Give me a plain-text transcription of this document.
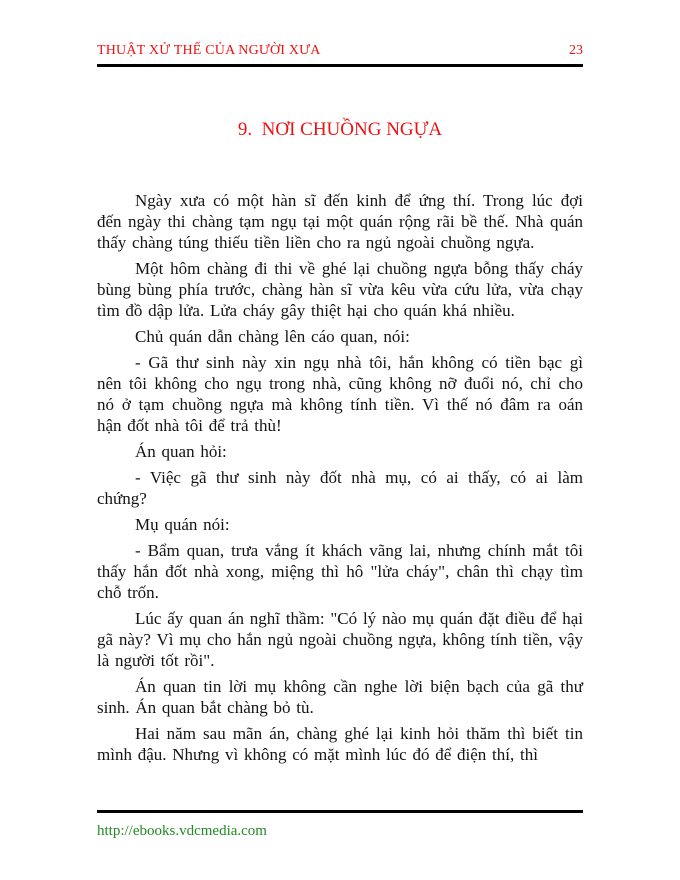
THUẬT XỬ THẾ CỦA NGƯỜI XƯA	23
9.  NƠI CHUỒNG NGỰA

Ngày xưa có một hàn sĩ đến kinh để ứng thí. Trong lúc đợi đến ngày thi chàng tạm ngụ tại một quán rộng rãi bề thế. Nhà quán thấy chàng túng thiếu tiền liền cho ra ngủ ngoài chuồng ngựa.

Một hôm chàng đi thi về ghé lại chuồng ngựa bỗng thấy cháy bùng bùng phía trước, chàng hàn sĩ vừa kêu vừa cứu lửa, vừa chạy tìm đồ dập lửa. Lửa cháy gây thiệt hại cho quán khá nhiều.

Chủ quán dẫn chàng lên cáo quan, nói:

- Gã thư sinh này xin ngụ nhà tôi, hắn không có tiền bạc gì nên tôi không cho ngụ trong nhà, cũng không nỡ đuổi nó, chỉ cho nó ở tạm chuồng ngựa mà không tính tiền. Vì thế nó đâm ra oán hận đốt nhà tôi để trả thù!

Án quan hỏi:

- Việc gã thư sinh này đốt nhà mụ, có ai thấy, có ai làm chứng?

Mụ quán nói:

- Bẩm quan, trưa vắng ít khách vãng lai, nhưng chính mắt tôi thấy hắn đốt nhà xong, miệng thì hô "lửa cháy", chân thì chạy tìm chỗ trốn.

Lúc ấy quan án nghĩ thầm: "Có lý nào mụ quán đặt điều để hại gã này? Vì mụ cho hắn ngủ ngoài chuồng ngựa, không tính tiền, vậy là người tốt rồi".

Án quan tin lời mụ không cần nghe lời biện bạch của gã thư sinh. Án quan bắt chàng bỏ tù.

Hai năm sau mãn án, chàng ghé lại kinh hỏi thăm thì biết tin mình đậu. Nhưng vì không có mặt mình lúc đó để điện thí, thì

http://ebooks.vdcmedia.com
